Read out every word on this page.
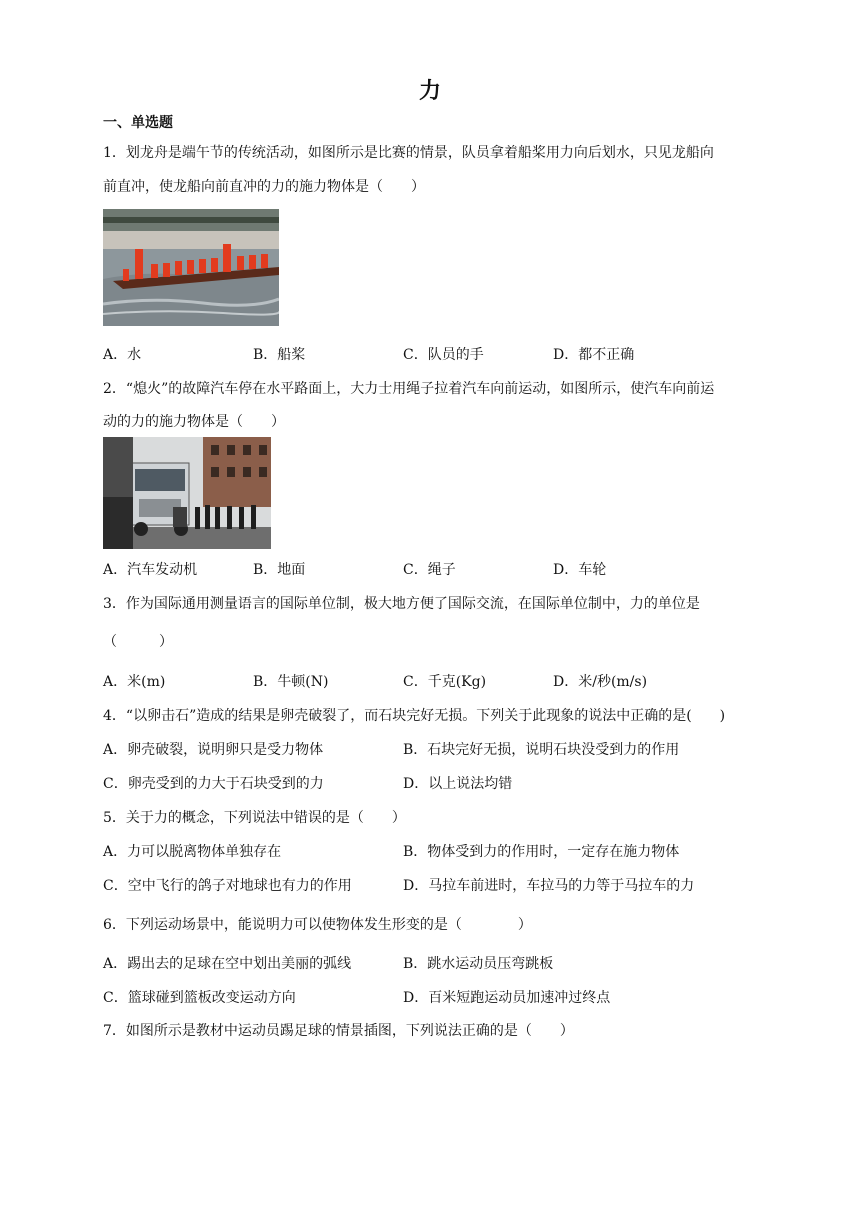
力
一、单选题
1．划龙舟是端午节的传统活动，如图所示是比赛的情景，队员拿着船桨用力向后划水，只见龙船向
前直冲，使龙船向前直冲的力的施力物体是（　　）
A．水	B．船桨	C．队员的手	D．都不正确
2．“熄火”的故障汽车停在水平路面上，大力士用绳子拉着汽车向前运动，如图所示，使汽车向前运
动的力的施力物体是（　　）
A．汽车发动机	B．地面	C．绳子	D．车轮
3．作为国际通用测量语言的国际单位制，极大地方便了国际交流，在国际单位制中，力的单位是
（　　　）
A．米(m)	B．牛顿(N)	C．千克(Kg)	D．米/秒(m/s)
4．“以卵击石”造成的结果是卵壳破裂了，而石块完好无损。下列关于此现象的说法中正确的是(　　)
A．卵壳破裂，说明卵只是受力物体	B．石块完好无损，说明石块没受到力的作用
C．卵壳受到的力大于石块受到的力	D．以上说法均错
5．关于力的概念，下列说法中错误的是（　　）
A．力可以脱离物体单独存在	B．物体受到力的作用时，一定存在施力物体
C．空中飞行的鸽子对地球也有力的作用	D．马拉车前进时，车拉马的力等于马拉车的力
6．下列运动场景中，能说明力可以使物体发生形变的是（　　　　）
A．踢出去的足球在空中划出美丽的弧线	B．跳水运动员压弯跳板
C．篮球碰到篮板改变运动方向	D．百米短跑运动员加速冲过终点
7．如图所示是教材中运动员踢足球的情景插图，下列说法正确的是（　　）
